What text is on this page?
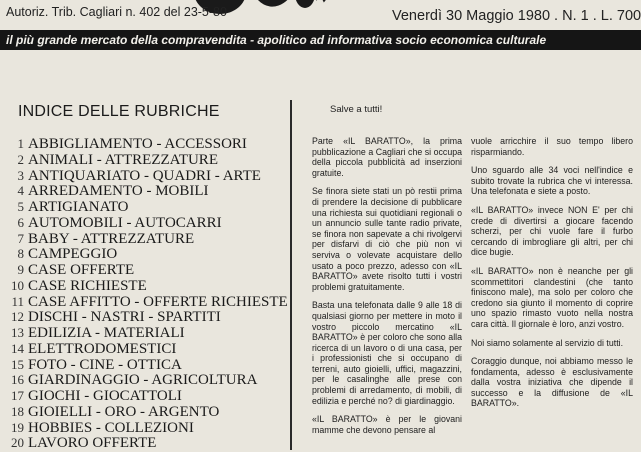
Autoriz. Trib. Cagliari n. 402 del 23-5-80	Venerdì 30 Maggio 1980 . N. 1 . L. 700
il più grande mercato della compravendita - apolitico ad informativa socio economica culturale
INDICE DELLE RUBRICHE
1 ABBIGLIAMENTO - ACCESSORI
2 ANIMALI - ATTREZZATURE
3 ANTIQUARIATO - QUADRI - ARTE
4 ARREDAMENTO - MOBILI
5 ARTIGIANATO
6 AUTOMOBILI - AUTOCARRI
7 BABY - ATTREZZATURE
8 CAMPEGGIO
9 CASE OFFERTE
10 CASE RICHIESTE
11 CASE AFFITTO - OFFERTE RICHIESTE
12 DISCHI - NASTRI - SPARTITI
13 EDILIZIA - MATERIALI
14 ELETTRODOMESTICI
15 FOTO - CINE - OTTICA
16 GIARDINAGGIO - AGRICOLTURA
17 GIOCHI - GIOCATTOLI
18 GIOIELLI - ORO - ARGENTO
19 HOBBIES - COLLEZIONI
20 LAVORO OFFERTE
Salve a tutti!

Parte «IL BARATTO», la prima pubblicazione a Cagliari che si occupa della piccola pubblicità ad inserzioni gratuite.

Se finora siete stati un pò restii prima di prendere la decisione di pubblicare una richiesta sui quotidiani regionali o un annuncio sulle tante radio private, se finora non sapevate a chi rivolgervi per disfarvi di ciò che più non vi serviva o volevate acquistare dello usato a poco prezzo, adesso con «IL BARATTO» avete risolto tutti i vostri problemi gratuitamente.

Basta una telefonata dalle 9 alle 18 di qualsiasi giorno per mettere in moto il vostro piccolo mercatino «IL BARATTO» è per coloro che sono alla ricerca di un lavoro o di una casa, per i professionisti che si occupano di terreni, auto gioielli, uffici, magazzini, per le casalinghe alle prese con problemi di arredamento, di mobili, di edilizia e perché no? di giardinaggio.

«IL BARATTO» è per le giovani mamme che devono pensare al

vuole arricchire il suo tempo libero risparmiando.

Uno sguardo alle 34 voci nell'indice e subito trovate la rubrica che vi interessa. Una telefonata e siete a posto.

«IL BARATTO» invece NON E' per chi crede di divertirsi a giocare facendo scherzi, per chi vuole fare il furbo cercando di imbrogliare gli altri, per chi dice bugie.

«IL BARATTO» non è neanche per gli scommettitori clandestini (che tanto finiscono male), ma solo per coloro che credono sia giunto il momento di coprire uno spazio rimasto vuoto nella nostra cara città. Il giornale è loro, anzi vostro.

Noi siamo solamente al servizio di tutti.

Coraggio dunque, noi abbiamo messo le fondamenta, adesso è esclusivamente dalla vostra iniziativa che dipende il successo e la diffusione de «IL BARATTO».
